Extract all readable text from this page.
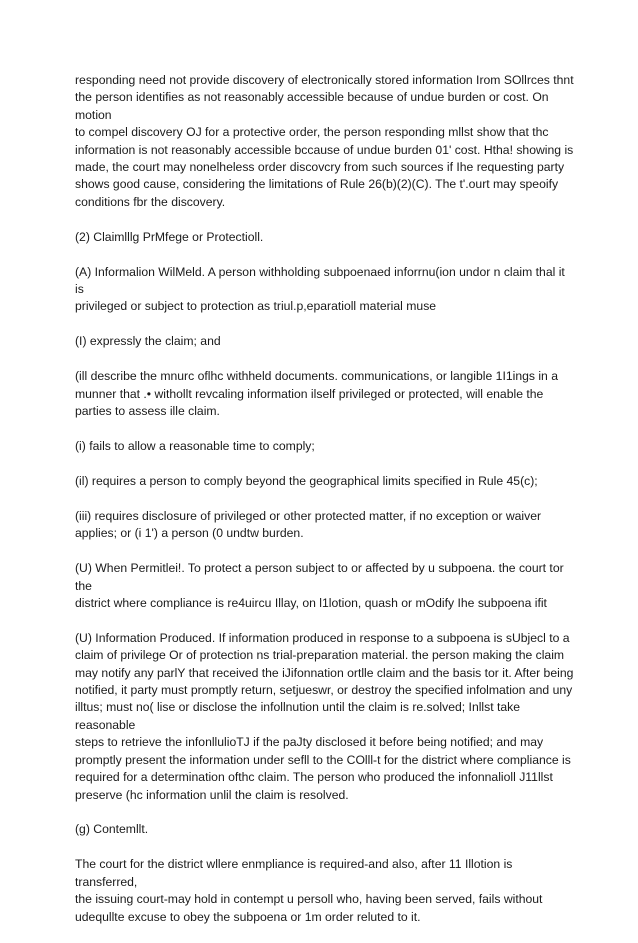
responding need not provide discovery of electronically stored information Irom SOllrces thnt
the person identifies as not reasonably accessible because of undue burden or cost. On motion
to compel discovery OJ for a protective order, the person responding mllst show that thc
information is not reasonably accessible bccause of undue burden 01' cost. Htha! showing is
made, the court may nonelheless order discovcry from such sources if Ihe requesting party
shows good cause, considering the limitations of Rule 26(b)(2)(C). The t'.ourt may speoify
conditions fbr the discovery.

(2) Claimlllg PrMfege or Protectioll.

(A) Informalion WilMeld. A person withholding subpoenaed inforrnu(ion undor n claim thal it is
privileged or subject to protection as triul.p,eparatioll material muse

(I) expressly the claim; and

(ill describe the mnurc oflhc withheld documents. communications, or langible 1I1ings in a
munner that .• withollt revcaling information ilself privileged or protected, will enable the
parties to assess ille claim.

(i) fails to allow a reasonable time to comply;

(il) requires a person to comply beyond the geographical limits specified in Rule 45(c);

(iii) requires disclosure of privileged or other protected matter, if no exception or waiver
applies; or (i 1') a person (0 undtw burden.

(U) When Permitlei!. To protect a person subject to or affected by u subpoena. the court tor the
district where compliance is re4uircu Illay, on l1lotion, quash or mOdify Ihe subpoena ifit

(U) Information Produced. If information produced in response to a subpoena is sUbjecl to a
claim of privilege Or of protection ns trial-preparation material. the person making the claim
may notify any parlY that received the iJifonnation ortlle claim and the basis tor it. After being
notified, it party must promptly return, setjueswr, or destroy the specified infolmation and uny
illtus; must no( lise or disclose the infollnution until the claim is re.solved; Inllst take reasonable
steps to retrieve the infonllulioTJ if the paJty disclosed it before being notified; and may
promptly present the information under sefll to the COlll-t for the district where compliance is
required for a determination ofthc claim. The person who produced the infonnalioll J11llst
preserve (hc information unlil the claim is resolved.

(g) Contemllt.

The court for the district wllere enmpliance is required-and also, after 11 Illotion is transferred,
the issuing court-may hold in contempt u persoll who, having been served, fails without
udequllte excuse to obey the subpoena or 1m order reluted to it.
